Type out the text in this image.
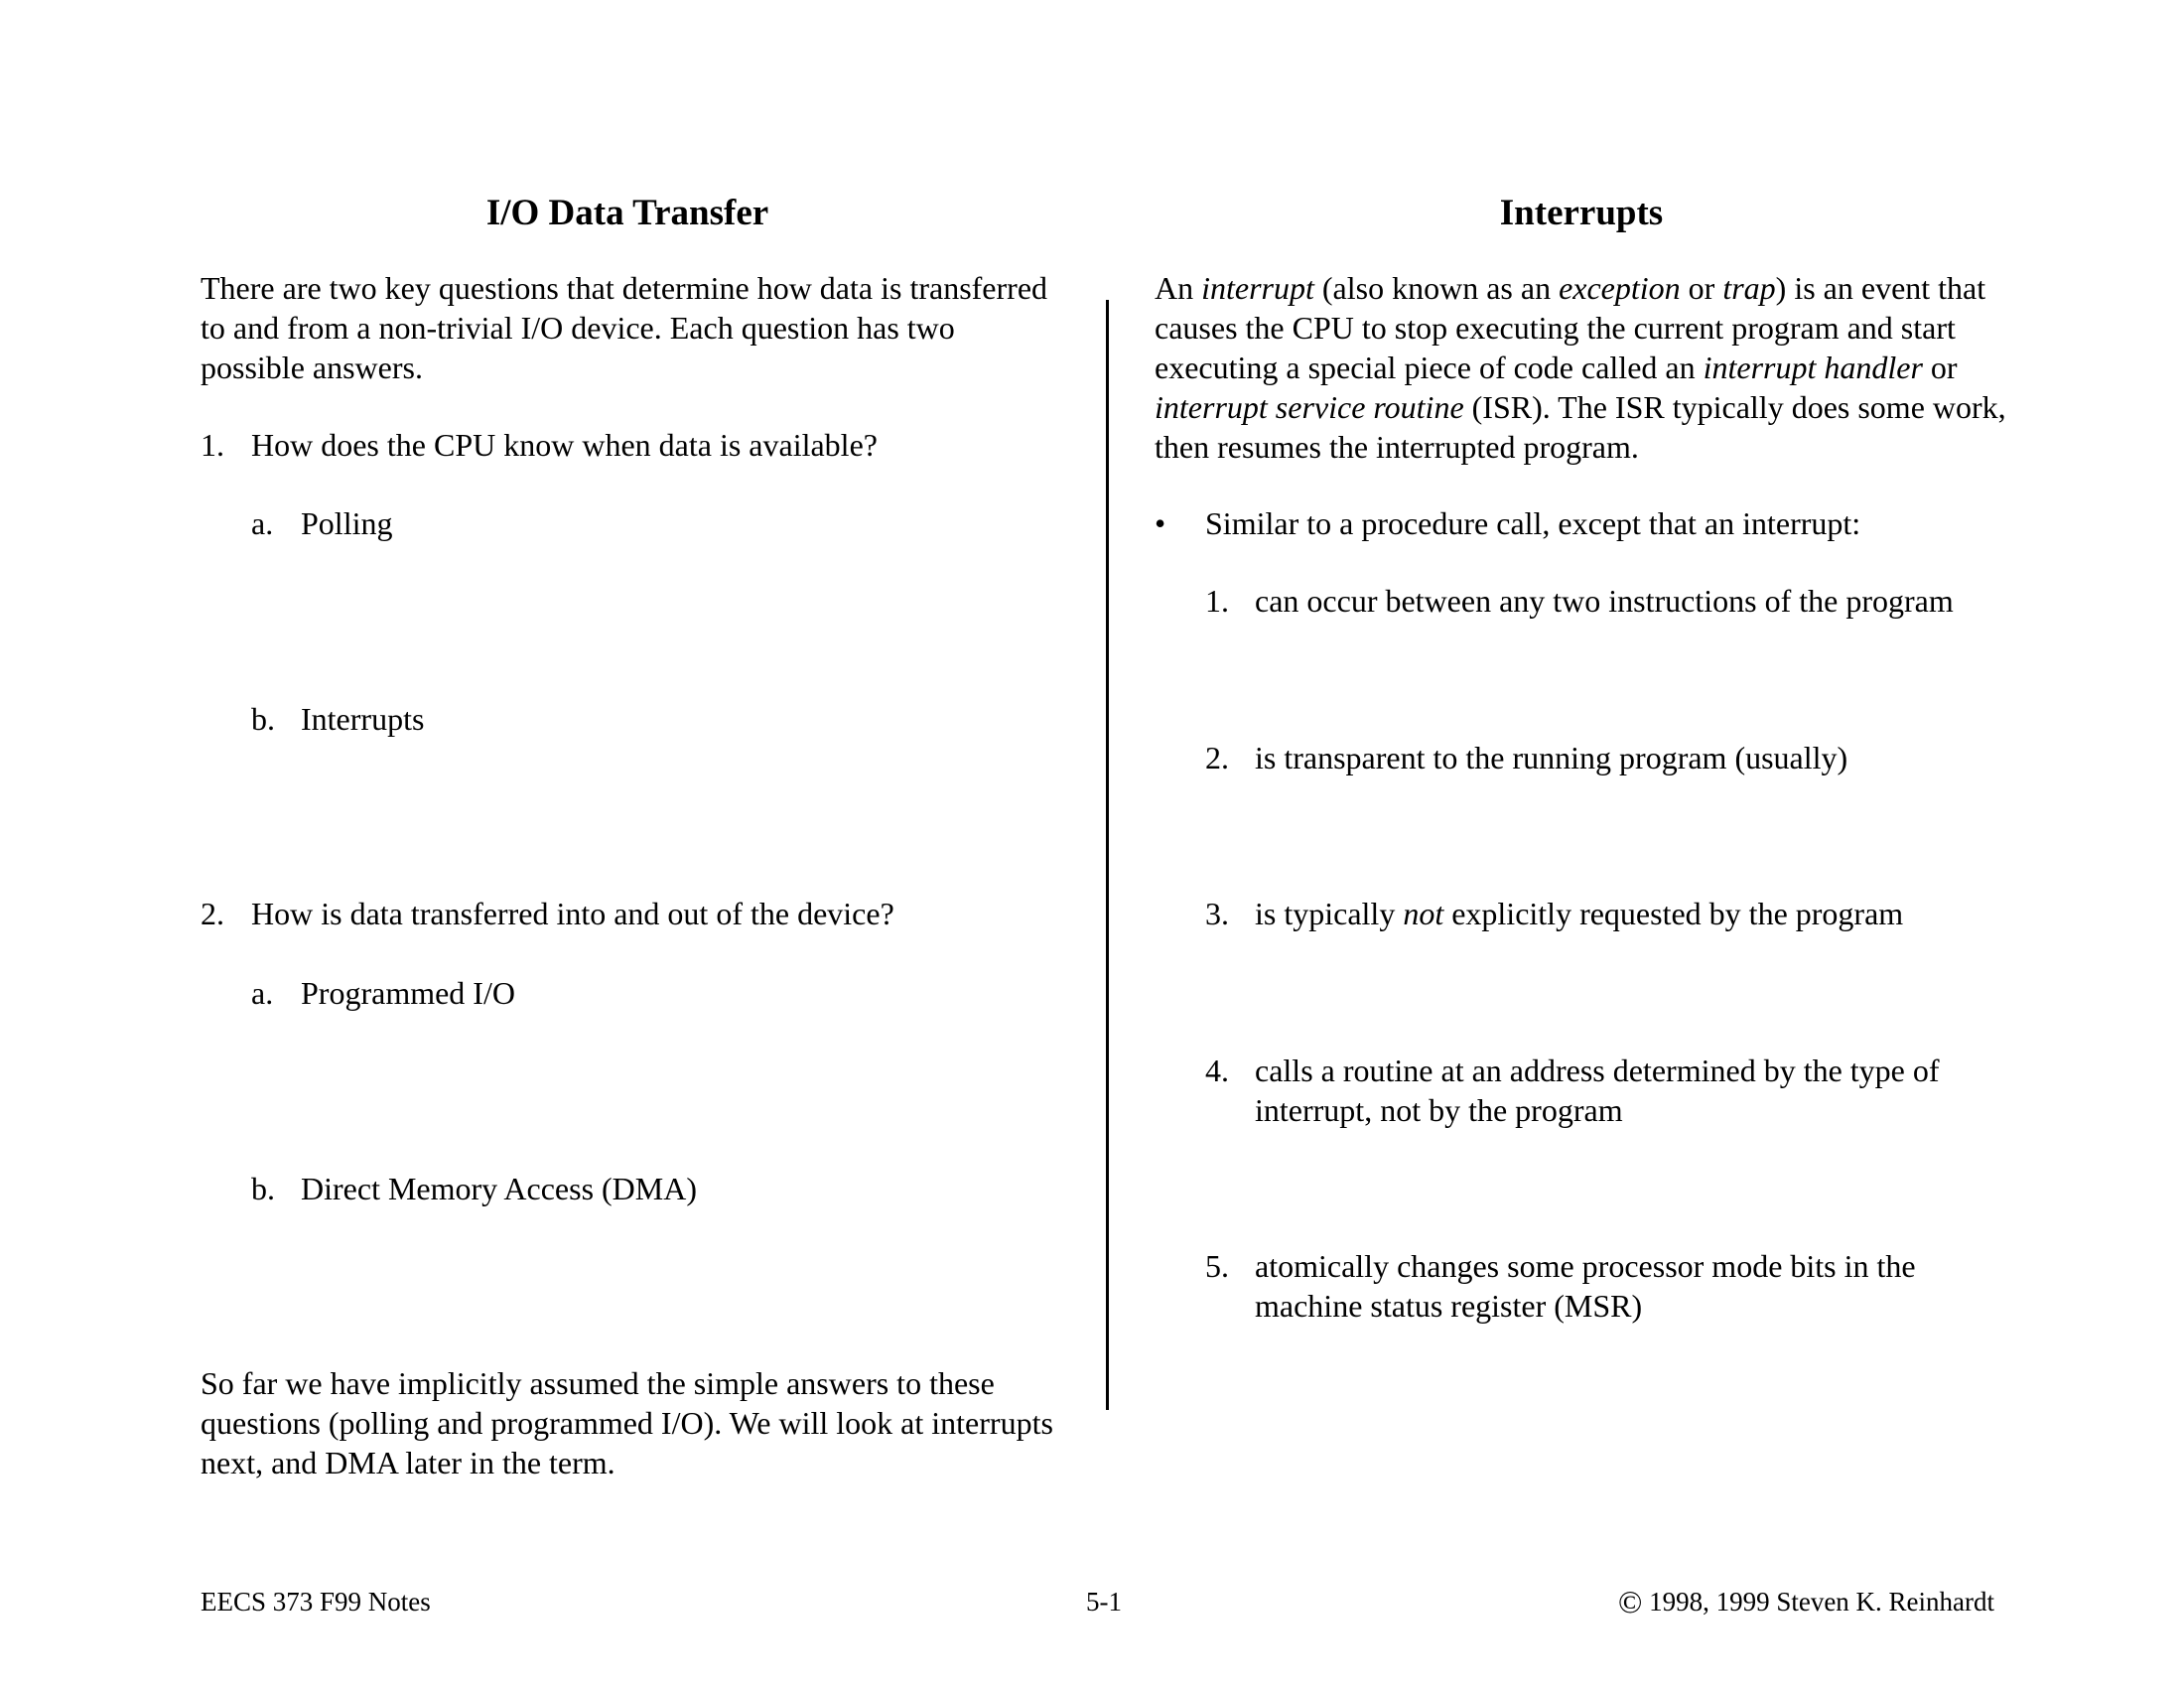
I/O Data Transfer
There are two key questions that determine how data is transferred to and from a non-trivial I/O device. Each question has two possible answers.
1. How does the CPU know when data is available?
a. Polling
b. Interrupts
2. How is data transferred into and out of the device?
a. Programmed I/O
b. Direct Memory Access (DMA)
So far we have implicitly assumed the simple answers to these questions (polling and programmed I/O). We will look at interrupts next, and DMA later in the term.
Interrupts
An interrupt (also known as an exception or trap) is an event that causes the CPU to stop executing the current program and start executing a special piece of code called an interrupt handler or interrupt service routine (ISR). The ISR typically does some work, then resumes the interrupted program.
• Similar to a procedure call, except that an interrupt:
1. can occur between any two instructions of the program
2. is transparent to the running program (usually)
3. is typically not explicitly requested by the program
4. calls a routine at an address determined by the type of interrupt, not by the program
5. atomically changes some processor mode bits in the machine status register (MSR)
EECS 373 F99 Notes	5-1	© 1998, 1999 Steven K. Reinhardt
